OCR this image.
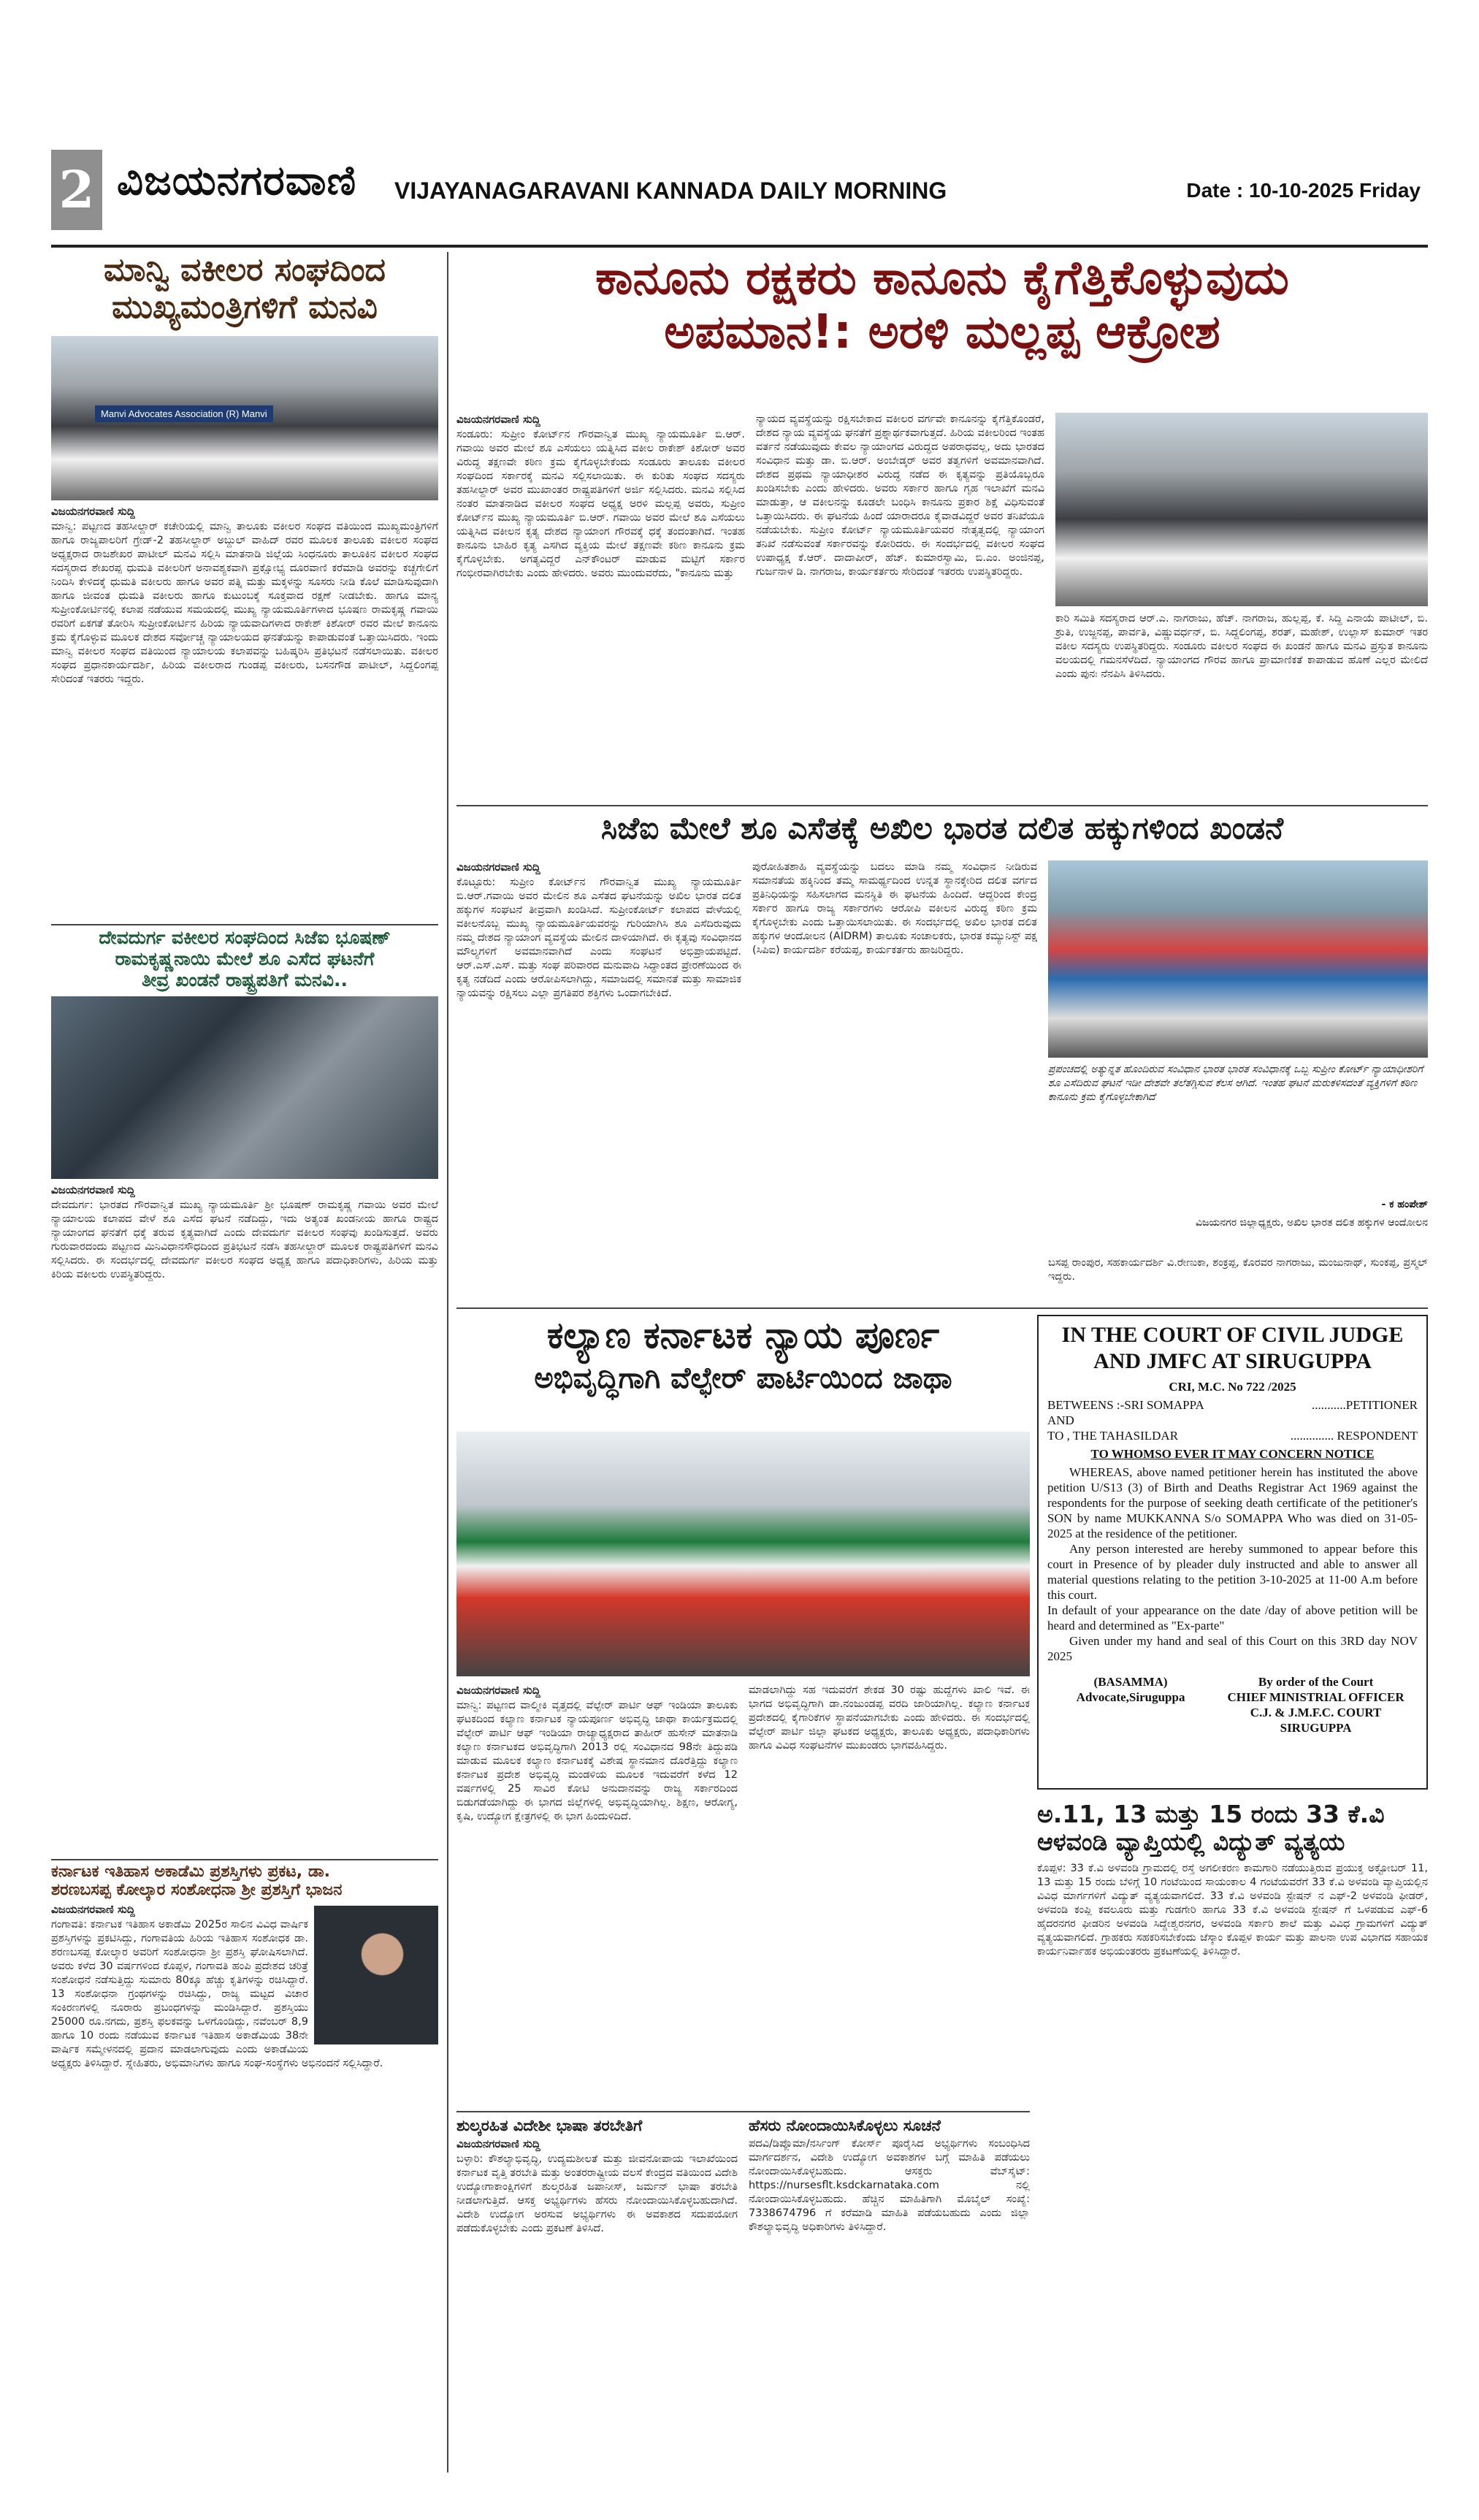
2 ವಿಜಯನಗರವಾಣಿ VIJAYANAGARAVANI KANNADA DAILY MORNING	Date : 10-10-2025 Friday
ಮಾನ್ವಿ ವಕೀಲರ ಸಂಘದಿಂದ
ಮುಖ್ಯಮಂತ್ರಿಗಳಿಗೆ ಮನವಿ
Manvi Advocates Association (R) Manvi
ವಿಜಯನಗರವಾಣಿ ಸುದ್ದಿ
ಮಾನ್ವಿ: ಪಟ್ಟಣದ ತಹಸೀಲ್ದಾರ್ ಕಚೇರಿಯಲ್ಲಿ ಮಾನ್ವಿ ತಾಲೂಕು ವಕೀಲರ ಸಂಘದ ವತಿಯಿಂದ ಮುಖ್ಯಮಂತ್ರಿಗಳಿಗೆ ಹಾಗೂ ರಾಜ್ಯಪಾಲರಿಗೆ ಗ್ರೇಡ್-2 ತಹಸೀಲ್ದಾರ್ ಅಬ್ದುಲ್ ವಾಹಿದ್ ರವರ ಮೂಲಕ ತಾಲೂಕು ವಕೀಲರ ಸಂಘದ ಅಧ್ಯಕ್ಷರಾದ ರಾಜಶೇಖರ ಪಾಟೀಲ್ ಮನವಿ ಸಲ್ಲಿಸಿ ಮಾತನಾಡಿ ಜಿಲ್ಲೆಯ ಸಿಂಧನೂರು ತಾಲೂಕಿನ ವಕೀಲರ ಸಂಘದ ಸದಸ್ಯರಾದ ಶೇಖರಪ್ಪ ಧುಮತಿ ವಕೀಲರಿಗೆ ಅನಾವಶ್ಯಕವಾಗಿ ಪ್ರಕ್ಷೋಭ್ಯ ದೂರವಾಣಿ ಕರೆಮಾಡಿ ಅವರನ್ನು ಕಚ್ಚಗೇಲಿಗೆ ನಿಂದಿಸಿ ಕೇಳಿದಕ್ಕೆ ಧುಮತಿ ವಕೀಲರು ಹಾಗೂ ಅವರ ಪತ್ನಿ ಮತ್ತು ಮಕ್ಕಳನ್ನು ಸೂಸರು ನೀಡಿ ಕೊಲೆ ಮಾಡಿಸುವುದಾಗಿ ಹಾಗೂ ಜೀವಂತ ಧುಮತಿ ವಕೀಲರು ಹಾಗೂ ಕುಟುಂಬಕ್ಕೆ ಸೂಕ್ತವಾದ ರಕ್ಷಣೆ ನೀಡಬೇಕು. ಹಾಗೂ ಮಾನ್ಯ ಸುಪ್ರೀಂಕೋರ್ಟಿನಲ್ಲಿ ಕಲಾಪ ನಡೆಯುವ ಸಮಯದಲ್ಲಿ ಮುಖ್ಯ ನ್ಯಾಯಮೂರ್ತಿಗಳಾದ ಭೂಷಣ ರಾಮಕೃಷ್ಣ ಗವಾಯಿ ರವರಿಗೆ ಏಕಗತೆ ತೋರಿಸಿ ಸುಪ್ರೀಂಕೋರ್ಟಿನ ಹಿರಿಯ ನ್ಯಾಯವಾದಿಗಳಾದ ರಾಕೇಶ್ ಕಿಶೋರ್ ರವರ ಮೇಲೆ ಕಾನೂನು ಕ್ರಮ ಕೈಗೊಳ್ಳುವ ಮೂಲಕ ದೇಶದ ಸರ್ವೋಚ್ಚ ನ್ಯಾಯಾಲಯದ ಘನತೆಯನ್ನು ಕಾಪಾಡುವಂತೆ ಒತ್ತಾಯಿಸಿದರು. ಇಂದು ಮಾನ್ವಿ ವಕೀಲರ ಸಂಘದ ವತಿಯಿಂದ ನ್ಯಾಯಾಲಯ ಕಲಾಪವನ್ನು ಬಹಿಷ್ಕರಿಸಿ ಪ್ರತಿಭಟನೆ ನಡೆಸಲಾಯಿತು. ವಕೀಲರ ಸಂಘದ ಪ್ರಧಾನಕಾರ್ಯದರ್ಶಿ, ಹಿರಿಯ ವಕೀಲರಾದ ಗುಂಡಪ್ಪ ವಕೀಲರು, ಬಸನಗೌಡ ಪಾಟೀಲ್, ಸಿದ್ದಲಿಂಗಪ್ಪ ಸೇರಿದಂತೆ ಇತರರು ಇದ್ದರು.
ದೇವದುರ್ಗ ವಕೀಲರ ಸಂಘದಿಂದ ಸಿಜೆಐ ಭೂಷಣ್
ರಾಮಕೃಷ್ಣನಾಯಿ ಮೇಲೆ ಶೂ ಎಸೆದ ಘಟನೆಗೆ
ತೀವ್ರ ಖಂಡನೆ ರಾಷ್ಟ್ರಪತಿಗೆ ಮನವಿ..
ವಿಜಯನಗರವಾಣಿ ಸುದ್ದಿ
ದೇವದುರ್ಗ: ಭಾರತದ ಗೌರವಾನ್ವಿತ ಮುಖ್ಯ ನ್ಯಾಯಮೂರ್ತಿ ಶ್ರೀ ಭೂಷಣ್ ರಾಮಕೃಷ್ಣ ಗವಾಯಿ ಅವರ ಮೇಲೆ ನ್ಯಾಯಾಲಯ ಕಲಾಪದ ವೇಳೆ ಶೂ ಎಸೆದ ಘಟನೆ ನಡೆದಿದ್ದು, ಇದು ಅತ್ಯಂತ ಖಂಡನೀಯ ಹಾಗೂ ರಾಷ್ಟ್ರದ ನ್ಯಾಯಾಂಗದ ಘನತೆಗೆ ಧಕ್ಕೆ ತರುವ ಕೃತ್ಯವಾಗಿದೆ ಎಂದು ದೇವದುರ್ಗ ವಕೀಲರ ಸಂಘವು ಖಂಡಿಸುತ್ತದೆ. ಅವರು ಗುರುವಾರದಂದು ಪಟ್ಟಣದ ಮಿನಿವಿಧಾನಸೌಧದಿಂದ ಪ್ರತಿಭಟನೆ ನಡೆಸಿ ತಹಸೀಲ್ದಾರ್ ಮೂಲಕ ರಾಷ್ಟ್ರಪತಿಗಳಿಗೆ ಮನವಿ ಸಲ್ಲಿಸಿದರು. ಈ ಸಂದರ್ಭದಲ್ಲಿ ದೇವದುರ್ಗ ವಕೀಲರ ಸಂಘದ ಅಧ್ಯಕ್ಷ ಹಾಗೂ ಪದಾಧಿಕಾರಿಗಳು, ಹಿರಿಯ ಮತ್ತು ಕಿರಿಯ ವಕೀಲರು ಉಪಸ್ಥಿತರಿದ್ದರು.
ಕರ್ನಾಟಕ ಇತಿಹಾಸ ಅಕಾಡೆಮಿ ಪ್ರಶಸ್ತಿಗಳು ಪ್ರಕಟ, ಡಾ.
ಶರಣಬಸಪ್ಪ ಕೋಲ್ಕಾರ ಸಂಶೋಧನಾ ಶ್ರೀ ಪ್ರಶಸ್ತಿಗೆ ಭಾಜನ
ವಿಜಯನಗರವಾಣಿ ಸುದ್ದಿ
ಗಂಗಾವತಿ: ಕರ್ನಾಟಕ ಇತಿಹಾಸ ಅಕಾಡೆಮಿ 2025ರ ಸಾಲಿನ ವಿವಿಧ ವಾರ್ಷಿಕ ಪ್ರಶಸ್ತಿಗಳನ್ನು ಪ್ರಕಟಿಸಿದ್ದು, ಗಂಗಾವತಿಯ ಹಿರಿಯ ಇತಿಹಾಸ ಸಂಶೋಧಕ ಡಾ. ಶರಣಬಸಪ್ಪ ಕೋಲ್ಕಾರ ಅವರಿಗೆ ಸಂಶೋಧನಾ ಶ್ರೀ ಪ್ರಶಸ್ತಿ ಘೋಷಿಸಲಾಗಿದೆ. ಅವರು ಕಳೆದ 30 ವರ್ಷಗಳಿಂದ ಕೊಪ್ಪಳ, ಗಂಗಾವತಿ ಹಂಪಿ ಪ್ರದೇಶದ ಚರಿತ್ರೆ ಸಂಶೋಧನೆ ನಡೆಸುತ್ತಿದ್ದು ಸುಮಾರು 80ಕ್ಕೂ ಹೆಚ್ಚು ಕೃತಿಗಳನ್ನು ರಚಿಸಿದ್ದಾರೆ. 13 ಸಂಶೋಧನಾ ಗ್ರಂಥಗಳನ್ನು ರಚಿಸಿದ್ದು, ರಾಜ್ಯ ಮಟ್ಟದ ವಿಚಾರ ಸಂಕಿರಣಗಳಲ್ಲಿ ನೂರಾರು ಪ್ರಬಂಧಗಳನ್ನು ಮಂಡಿಸಿದ್ದಾರೆ. ಪ್ರಶಸ್ತಿಯು 25000 ರೂ.ನಗದು, ಪ್ರಶಸ್ತಿ ಫಲಕವನ್ನು ಒಳಗೊಂಡಿದ್ದು, ನವೆಂಬರ್ 8,9 ಹಾಗೂ 10 ರಂದು ನಡೆಯುವ ಕರ್ನಾಟಕ ಇತಿಹಾಸ ಅಕಾಡೆಮಿಯ 38ನೇ ವಾರ್ಷಿಕ ಸಮ್ಮೇಳನದಲ್ಲಿ ಪ್ರದಾನ ಮಾಡಲಾಗುವುದು ಎಂದು ಅಕಾಡೆಮಿಯ ಅಧ್ಯಕ್ಷರು ತಿಳಿಸಿದ್ದಾರೆ. ಸ್ನೇಹಿತರು, ಅಭಿಮಾನಿಗಳು ಹಾಗೂ ಸಂಘ-ಸಂಸ್ಥೆಗಳು ಅಭಿನಂದನೆ ಸಲ್ಲಿಸಿದ್ದಾರೆ.
ಕಾನೂನು ರಕ್ಷಕರು ಕಾನೂನು ಕೈಗೆತ್ತಿಕೊಳ್ಳುವುದು
ಅಪಮಾನ!: ಅರಳಿ ಮಲ್ಲಪ್ಪ ಆಕ್ರೋಶ
ವಿಜಯನಗರವಾಣಿ ಸುದ್ದಿ
ಸಂಡೂರು: ಸುಪ್ರೀಂ ಕೋರ್ಟ್‌ನ ಗೌರವಾನ್ವಿತ ಮುಖ್ಯ ನ್ಯಾಯಮೂರ್ತಿ ಬಿ.ಆರ್. ಗವಾಯಿ ಅವರ ಮೇಲೆ ಶೂ ಎಸೆಯಲು ಯತ್ನಿಸಿದ ವಕೀಲ ರಾಕೇಶ್ ಕಿಶೋರ್ ಅವರ ವಿರುದ್ಧ ತಕ್ಷಣವೇ ಕಠಿಣ ಕ್ರಮ ಕೈಗೊಳ್ಳಬೇಕೆಂದು ಸಂಡೂರು ತಾಲೂಕು ವಕೀಲರ ಸಂಘದಿಂದ ಸರ್ಕಾರಕ್ಕೆ ಮನವಿ ಸಲ್ಲಿಸಲಾಯಿತು. ಈ ಕುರಿತು ಸಂಘದ ಸದಸ್ಯರು ತಹಸೀಲ್ದಾರ್ ಅವರ ಮುಖಾಂತರ ರಾಷ್ಟ್ರಪತಿಗಳಿಗೆ ಅರ್ಜಿ ಸಲ್ಲಿಸಿದರು. ಮನವಿ ಸಲ್ಲಿಸಿದ ನಂತರ ಮಾತನಾಡಿದ ವಕೀಲರ ಸಂಘದ ಅಧ್ಯಕ್ಷ ಅರಳಿ ಮಲ್ಲಪ್ಪ ಅವರು, ಸುಪ್ರೀಂ ಕೋರ್ಟ್‌ನ ಮುಖ್ಯ ನ್ಯಾಯಮೂರ್ತಿ ಬಿ.ಆರ್. ಗವಾಯಿ ಅವರ ಮೇಲೆ ಶೂ ಎಸೆಯಲು ಯತ್ನಿಸಿದ ವಕೀಲನ ಕೃತ್ಯ ದೇಶದ ನ್ಯಾಯಾಂಗ ಗೌರವಕ್ಕೆ ಧಕ್ಕೆ ತಂದಂತಾಗಿದೆ. ಇಂತಹ ಕಾನೂನು ಬಾಹಿರ ಕೃತ್ಯ ಎಸಗಿದ ವ್ಯಕ್ತಿಯ ಮೇಲೆ ತಕ್ಷಣವೇ ಕಠಿಣ ಕಾನೂನು ಕ್ರಮ ಕೈಗೊಳ್ಳಬೇಕು. ಅಗತ್ಯವಿದ್ದರೆ ಎನ್‌ಕೌಂಟರ್ ಮಾಡುವ ಮಟ್ಟಿಗೆ ಸರ್ಕಾರ ಗಂಭೀರವಾಗಿರಬೇಕು ಎಂದು ಹೇಳಿದರು. ಅವರು ಮುಂದುವರೆದು, "ಕಾನೂನು ಮತ್ತು
ನ್ಯಾಯದ ವ್ಯವಸ್ಥೆಯನ್ನು ರಕ್ಷಿಸಬೇಕಾದ ವಕೀಲರ ವರ್ಗವೇ ಕಾನೂನನ್ನು ಕೈಗೆತ್ತಿಕೊಂಡರೆ, ದೇಶದ ನ್ಯಾಯ ವ್ಯವಸ್ಥೆಯ ಘನತೆಗೆ ಪ್ರಶ್ನಾರ್ಥಕವಾಗುತ್ತದೆ. ಹಿರಿಯ ವಕೀಲರಿಂದ ಇಂತಹ ವರ್ತನೆ ನಡೆಯುವುದು ಕೇವಲ ನ್ಯಾಯಾಂಗದ ವಿರುದ್ಧದ ಅಪರಾಧವಲ್ಲ, ಅದು ಭಾರತದ ಸಂವಿಧಾನ ಮತ್ತು ಡಾ. ಬಿ.ಆರ್. ಅಂಬೇಡ್ಕರ್ ಅವರ ತತ್ವಗಳಿಗೆ ಅವಮಾನವಾಗಿದೆ. ದೇಶದ ಪ್ರಥಮ ನ್ಯಾಯಾಧೀಶರ ವಿರುದ್ಧ ನಡೆದ ಈ ಕೃತ್ಯವನ್ನು ಪ್ರತಿಯೊಬ್ಬರೂ ಖಂಡಿಸಬೇಕು ಎಂದು ಹೇಳಿದರು. ಅವರು ಸರ್ಕಾರ ಹಾಗೂ ಗೃಹ ಇಲಾಖೆಗೆ ಮನವಿ ಮಾಡುತ್ತಾ, ಆ ವಕೀಲನನ್ನು ಕೂಡಲೇ ಬಂಧಿಸಿ ಕಾನೂನು ಪ್ರಕಾರ ಶಿಕ್ಷೆ ವಿಧಿಸುವಂತೆ ಒತ್ತಾಯಿಸಿದರು. ಈ ಘಟನೆಯ ಹಿಂದೆ ಯಾರಾದರೂ ಕೈವಾಡವಿದ್ದರೆ ಅವರ ತನಿಖೆಯೂ ನಡೆಯಬೇಕು. ಸುಪ್ರೀಂ ಕೋರ್ಟ್ ನ್ಯಾಯಮೂರ್ತಿಯವರ ನೇತೃತ್ವದಲ್ಲಿ ನ್ಯಾಯಾಂಗ ತನಿಖೆ ನಡೆಸುವಂತೆ ಸರ್ಕಾರವನ್ನು ಕೋರಿದರು. ಈ ಸಂದರ್ಭದಲ್ಲಿ ವಕೀಲರ ಸಂಘದ ಉಪಾಧ್ಯಕ್ಷ ಕೆ.ಆರ್. ದಾದಾಪೀರ್, ಹೆಚ್. ಕುಮಾರಸ್ವಾಮಿ, ಬಿ.ಎಂ. ಅಂಜಿನಪ್ಪ, ಗುರ್ಜನಾಳ ಡಿ. ನಾಗರಾಜ, ಕಾರ್ಯಕರ್ತರು ಸೇರಿದಂತೆ ಇತರರು ಉಪಸ್ಥಿತರಿದ್ದರು.
ಕಾರಿ ಸಮಿತಿ ಸದಸ್ಯರಾದ ಆರ್.ಎ. ನಾಗರಾಜು, ಹೆಚ್. ನಾಗರಾಜ, ಹುಲ್ಲಪ್ಪ, ಕೆ. ಸಿದ್ದಿ ಎನಾಯೆ ಪಾಟೀಲ್, ಬಿ. ಶ್ರುತಿ, ಉಜ್ಜನಪ್ಪ, ಪಾರ್ವತಿ, ವಿಷ್ಣುವರ್ಧನ್, ಬಿ. ಸಿದ್ದಲಿಂಗಪ್ಪ, ಶರತ್‌, ಮಹೇಶ್, ಉಲ್ಲಾಸ್ ಕುಮಾರ್ ಇತರ ವಕೀಲ ಸದಸ್ಯರು ಉಪಸ್ಥಿತರಿದ್ದರು. ಸಂಡೂರು ವಕೀಲರ ಸಂಘದ ಈ ಖಂಡನೆ ಹಾಗೂ ಮನವಿ ಪ್ರಸ್ತುತ ಕಾನೂನು ವಲಯದಲ್ಲಿ ಗಮನಸೆಳೆದಿದೆ. ನ್ಯಾಯಾಂಗದ ಗೌರವ ಹಾಗೂ ಪ್ರಾಮಾಣಿಕತೆ ಕಾಪಾಡುವ ಹೊಣೆ ಎಲ್ಲರ ಮೇಲಿದೆ ಎಂದು ಪುನಃ ನೆನಪಿಸಿ ತಿಳಿಸಿದರು.
ಸಿಜೆಐ ಮೇಲೆ ಶೂ ಎಸೆತಕ್ಕೆ ಅಖಿಲ ಭಾರತ ದಲಿತ ಹಕ್ಕುಗಳಿಂದ ಖಂಡನೆ
ವಿಜಯನಗರವಾಣಿ ಸುದ್ದಿ
ಕೊಟ್ಟೂರು: ಸುಪ್ರೀಂ ಕೋರ್ಟ್‌ನ ಗೌರವಾನ್ವಿತ ಮುಖ್ಯ ನ್ಯಾಯಮೂರ್ತಿ ಬಿ.ಆರ್.ಗವಾಯಿ ಅವರ ಮೇಲಿನ ಶೂ ಎಸೆತದ ಘಟನೆಯನ್ನು ಅಖಿಲ ಭಾರತ ದಲಿತ ಹಕ್ಕುಗಳ ಸಂಘಟನೆ ತೀವ್ರವಾಗಿ ಖಂಡಿಸಿದೆ. ಸುಪ್ರೀಂಕೋರ್ಟ್ ಕಲಾಪದ ವೇಳೆಯಲ್ಲಿ ವಕೀಲನೊಬ್ಬ ಮುಖ್ಯ ನ್ಯಾಯಮೂರ್ತಿಯವರನ್ನು ಗುರಿಯಾಗಿಸಿ ಶೂ ಎಸೆದಿರುವುದು ನಮ್ಮ ದೇಶದ ನ್ಯಾಯಾಂಗ ವ್ಯವಸ್ಥೆಯ ಮೇಲಿನ ದಾಳಿಯಾಗಿದೆ. ಈ ಕೃತ್ಯವು ಸಂವಿಧಾನದ ಮೌಲ್ಯಗಳಿಗೆ ಅವಮಾನವಾಗಿದೆ ಎಂದು ಸಂಘಟನೆ ಅಭಿಪ್ರಾಯಪಟ್ಟಿದೆ. ಆರ್.ಎಸ್.ಎಸ್. ಮತ್ತು ಸಂಘ ಪರಿವಾರದ ಮನುವಾದಿ ಸಿದ್ಧಾಂತದ ಪ್ರೇರಣೆಯಿಂದ ಈ ಕೃತ್ಯ ನಡೆದಿದೆ ಎಂದು ಆರೋಪಿಸಲಾಗಿದ್ದು, ಸಮಾಜದಲ್ಲಿ ಸಮಾನತೆ ಮತ್ತು ಸಾಮಾಜಿಕ ನ್ಯಾಯವನ್ನು ರಕ್ಷಿಸಲು ಎಲ್ಲಾ ಪ್ರಗತಿಪರ ಶಕ್ತಿಗಳು ಒಂದಾಗಬೇಕಿದೆ.
ಪುರೋಹಿತಶಾಹಿ ವ್ಯವಸ್ಥೆಯನ್ನು ಬದಲು ಮಾಡಿ ನಮ್ಮ ಸಂವಿಧಾನ ನೀಡಿರುವ ಸಮಾನತೆಯ ಹಕ್ಕಿನಿಂದ ತಮ್ಮ ಸಾಮರ್ಥ್ಯದಿಂದ ಉನ್ನತ ಸ್ಥಾನಕ್ಕೇರಿದ ದಲಿತ ವರ್ಗದ ಪ್ರತಿನಿಧಿಯನ್ನು ಸಹಿಸಲಾಗದ ಮನಸ್ಥಿತಿ ಈ ಘಟನೆಯ ಹಿಂದಿದೆ. ಆದ್ದರಿಂದ ಕೇಂದ್ರ ಸರ್ಕಾರ ಹಾಗೂ ರಾಜ್ಯ ಸರ್ಕಾರಗಳು ಆರೋಪಿ ವಕೀಲನ ವಿರುದ್ಧ ಕಠಿಣ ಕ್ರಮ ಕೈಗೊಳ್ಳಬೇಕು ಎಂದು ಒತ್ತಾಯಿಸಲಾಯಿತು. ಈ ಸಂದರ್ಭದಲ್ಲಿ ಅಖಿಲ ಭಾರತ ದಲಿತ ಹಕ್ಕುಗಳ ಆಂದೋಲನ (AIDRM) ತಾಲೂಕು ಸಂಚಾಲಕರು, ಭಾರತ ಕಮ್ಯುನಿಸ್ಟ್ ಪಕ್ಷ (ಸಿಪಿಐ) ಕಾರ್ಯದರ್ಶಿ ಕರೆಯಪ್ಪ, ಕಾರ್ಯಕರ್ತರು ಹಾಜರಿದ್ದರು.
ಪ್ರಪಂಚದಲ್ಲಿ ಅತ್ಯುನ್ನತ ಹೊಂದಿರುವ ಸಂವಿಧಾನ ಭಾರತ ಭಾರತ ಸಂವಿಧಾನಕ್ಕೆ ಒಬ್ಬ ಸುಪ್ರೀಂ ಕೋರ್ಟ್ ನ್ಯಾಯಾಧೀಶರಿಗೆ ಶೂ ಎಸೆದಿರುವ ಘಟನೆ ಇಡೀ ದೇಶವೇ ತಲೆತಗ್ಗಿಸುವ ಕೆಲಸ ಆಗಿದೆ. ಇಂತಹ ಘಟನೆ ಮರುಕಳಿಸದಂತೆ ವ್ಯಕ್ತಿಗಳಿಗೆ ಕಠಿಣ ಕಾನೂನು ಕ್ರಮ ಕೈಗೊಳ್ಳಬೇಕಾಗಿದೆ
- ಕ ಹಂಪೇಶ್
ವಿಜಯನಗರ ಜಿಲ್ಲಾಧ್ಯಕ್ಷರು, ಅಖಿಲ ಭಾರತ ದಲಿತ ಹಕ್ಕುಗಳ ಆಂದೋಲನ
ಬಸಪ್ಪ ರಾಂಪುರ, ಸಹಕಾರ್ಯದರ್ಶಿ ವಿ.ರೇಣುಕಾ, ಶಂಕ್ರಪ್ಪ, ಕೊರವರ ನಾಗರಾಜು, ಮಂಜುನಾಥ್, ಸುಂಕಪ್ಪ, ಪ್ರಸ್ಮಲ್ ಇದ್ದರು.
ಕಲ್ಯಾಣ ಕರ್ನಾಟಕ ನ್ಯಾಯ ಪೂರ್ಣ
ಅಭಿವೃದ್ಧಿಗಾಗಿ ವೆಲ್ಫೇರ್ ಪಾರ್ಟಿಯಿಂದ ಜಾಥಾ
ವಿಜಯನಗರವಾಣಿ ಸುದ್ದಿ
ಮಾನ್ವಿ: ಪಟ್ಟಣದ ವಾಲ್ಮೀಕಿ ವೃತ್ತದಲ್ಲಿ ವೆಲ್ಫೇರ್ ಪಾರ್ಟಿ ಆಫ್ ಇಂಡಿಯಾ ತಾಲೂಕು ಘಟಕದಿಂದ ಕಲ್ಯಾಣ ಕರ್ನಾಟಕ ನ್ಯಾಯಪೂರ್ಣ ಅಭಿವೃದ್ಧಿ ಜಾಥಾ ಕಾರ್ಯಕ್ರಮದಲ್ಲಿ ವೆಲ್ಫೇರ್ ಪಾರ್ಟಿ ಆಫ್ ಇಂಡಿಯಾ ರಾಜ್ಯಾಧ್ಯಕ್ಷರಾದ ತಾಹೀರ್ ಹುಸೇನ್ ಮಾತನಾಡಿ ಕಲ್ಯಾಣ ಕರ್ನಾಟಕದ ಅಭಿವೃದ್ಧಿಗಾಗಿ 2013 ರಲ್ಲಿ ಸಂವಿಧಾನದ 98ನೇ ತಿದ್ದುಪಡಿ ಮಾಡುವ ಮೂಲಕ ಕಲ್ಯಾಣ ಕರ್ನಾಟಕಕ್ಕೆ ವಿಶೇಷ ಸ್ಥಾನಮಾನ ದೊರೆತ್ತಿದ್ದು ಕಲ್ಯಾಣ ಕರ್ನಾಟಕ ಪ್ರದೇಶ ಅಭಿವೃದ್ಧಿ ಮಂಡಳಿಯ ಮೂಲಕ ಇದುವರೆಗೆ ಕಳೆದ 12 ವರ್ಷಗಳಲ್ಲಿ 25 ಸಾವಿರ ಕೋಟಿ ಅನುದಾನವನ್ನು ರಾಜ್ಯ ಸರ್ಕಾರದಿಂದ ಬಿಡುಗಡೆಯಾಗಿದ್ದು ಈ ಭಾಗದ ಜಿಲ್ಲೆಗಳಲ್ಲಿ ಅಭಿವೃದ್ಧಿಯಾಗಿಲ್ಲ. ಶಿಕ್ಷಣ, ಆರೋಗ್ಯ, ಕೃಷಿ, ಉದ್ಯೋಗ ಕ್ಷೇತ್ರಗಳಲ್ಲಿ ಈ ಭಾಗ ಹಿಂದುಳಿದಿದೆ.
ಮಾಡಲಾಗಿದ್ದು ಸಹ ಇದುವರೆಗೆ ಶೇಕಡ 30 ರಷ್ಟು ಹುದ್ದೆಗಳು ಖಾಲಿ ಇವೆ. ಈ ಭಾಗದ ಅಭಿವೃದ್ಧಿಗಾಗಿ ಡಾ.ನಂಜುಂಡಪ್ಪ ವರದಿ ಜಾರಿಯಾಗಿಲ್ಲ. ಕಲ್ಯಾಣ ಕರ್ನಾಟಕ ಪ್ರದೇಶದಲ್ಲಿ ಕೈಗಾರಿಕೆಗಳ ಸ್ಥಾಪನೆಯಾಗಬೇಕು ಎಂದು ಹೇಳಿದರು. ಈ ಸಂದರ್ಭದಲ್ಲಿ ವೆಲ್ಫೇರ್ ಪಾರ್ಟಿ ಜಿಲ್ಲಾ ಘಟಕದ ಅಧ್ಯಕ್ಷರು, ತಾಲೂಕು ಅಧ್ಯಕ್ಷರು, ಪದಾಧಿಕಾರಿಗಳು ಹಾಗೂ ವಿವಿಧ ಸಂಘಟನೆಗಳ ಮುಖಂಡರು ಭಾಗವಹಿಸಿದ್ದರು.
IN THE COURT OF CIVIL JUDGE
AND JMFC AT SIRUGUPPA
CRI, M.C. No 722 /2025
BETWEENS :-SRI SOMAPPA	...........PETITIONER
AND
TO , THE TAHASILDAR	.............. RESPONDENT
TO WHOMSO EVER IT MAY CONCERN NOTICE
WHEREAS, above named petitioner herein has instituted the above petition U/S13 (3) of Birth and Deaths Registrar Act 1969 against the respondents for the purpose of seeking death certificate of the petitioner's SON by name MUKKANNA S/o SOMAPPA Who was died on 31-05-2025 at the residence of the petitioner.
Any person interested are hereby summoned to appear before this court in Presence of by pleader duly instructed and able to answer all material questions relating to the petition 3-10-2025 at 11-00 A.m before this court.
In default of your appearance on the date /day of above petition will be heard and determined as "Ex-parte"
Given under my hand and seal of this Court on this 3RD day NOV 2025
(BASAMMA)
Advocate,Siruguppa
By order of the Court
CHIEF MINISTRIAL OFFICER
C.J. & J.M.F.C. COURT
SIRUGUPPA
ಅ.11, 13 ಮತ್ತು 15 ರಂದು 33 ಕೆ.ವಿ
ಆಳವಂಡಿ ವ್ಯಾಪ್ತಿಯಲ್ಲಿ ವಿದ್ಯುತ್ ವ್ಯತ್ಯಯ
ಕೊಪ್ಪಳ: 33 ಕೆ.ವಿ ಅಳವಂಡಿ ಗ್ರಾಮದಲ್ಲಿ ರಸ್ತೆ ಅಗಲೀಕರಣ ಕಾಮಗಾರಿ ನಡೆಯುತ್ತಿರುವ ಪ್ರಯುಕ್ತ ಅಕ್ಟೋಬರ್ 11, 13 ಮತ್ತು 15 ರಂದು ಬೆಳಿಗ್ಗೆ 10 ಗಂಟೆಯಿಂದ ಸಾಯಂಕಾಲ 4 ಗಂಟೆಯವರೆಗೆ 33 ಕೆ.ವಿ ಅಳವಂಡಿ ವ್ಯಾಪ್ತಿಯಲ್ಲಿನ ವಿವಿಧ ಮಾರ್ಗಗಳಿಗೆ ವಿದ್ಯುತ್ ವ್ಯತ್ಯಯವಾಗಲಿದೆ. 33 ಕೆ.ವಿ ಅಳವಂಡಿ ಸ್ಟೇಷನ್ ನ ಎಫ್-2 ಅಳವಂಡಿ ಫೀಡರ್, ಅಳವಂಡಿ ಕಂಪ್ಲಿ ಕವಲೂರು ಮತ್ತು ಗುಡಗೇರಿ ಹಾಗೂ 33 ಕೆ.ವಿ ಅಳವಂಡಿ ಸ್ಟೇಷನ್ ಗೆ ಒಳಪಡುವ ಎಫ್-6 ಹೈದರನಗರ ಫೀಡರಿನ ಅಳವಂಡಿ ಸಿದ್ದೇಶ್ವರನಗರ, ಅಳವಂಡಿ ಸರ್ಕಾರಿ ಶಾಲೆ ಮತ್ತು ವಿವಿಧ ಗ್ರಾಮಗಳಿಗೆ ವಿದ್ಯುತ್ ವ್ಯತ್ಯಯವಾಗಲಿದೆ. ಗ್ರಾಹಕರು ಸಹಕರಿಸಬೇಕೆಂದು ಜೆಸ್ಕಾಂ ಕೊಪ್ಪಳ ಕಾರ್ಯ ಮತ್ತು ಪಾಲನಾ ಉಪ ವಿಭಾಗದ ಸಹಾಯಕ ಕಾರ್ಯನಿರ್ವಾಹಕ ಅಭಿಯಂತರರು ಪ್ರಕಟಣೆಯಲ್ಲಿ ತಿಳಿಸಿದ್ದಾರೆ.
ಶುಲ್ಕರಹಿತ ವಿದೇಶೀ ಭಾಷಾ ತರಬೇತಿಗೆ
ವಿಜಯನಗರವಾಣಿ ಸುದ್ದಿ
ಬಳ್ಳಾರಿ: ಕೌಶಲ್ಯಾಭಿವೃದ್ಧಿ, ಉದ್ಯಮಶೀಲತೆ ಮತ್ತು ಜೀವನೋಪಾಯ ಇಲಾಖೆಯಿಂದ ಕರ್ನಾಟಕ ವೃತ್ತಿ ತರಬೇತಿ ಮತ್ತು ಅಂತರರಾಷ್ಟ್ರೀಯ ವಲಸೆ ಕೇಂದ್ರದ ವತಿಯಿಂದ ವಿದೇಶಿ ಉದ್ಯೋಗಾಕಾಂಕ್ಷಿಗಳಿಗೆ ಶುಲ್ಕರಹಿತ ಜಪಾನೀಸ್, ಜರ್ಮನ್ ಭಾಷಾ ತರಬೇತಿ ನೀಡಲಾಗುತ್ತಿದೆ. ಆಸಕ್ತ ಅಭ್ಯರ್ಥಿಗಳು ಹೆಸರು ನೋಂದಾಯಿಸಿಕೊಳ್ಳಬಹುದಾಗಿದೆ. ವಿದೇಶಿ ಉದ್ಯೋಗ ಅರಸುವ ಅಭ್ಯರ್ಥಿಗಳು ಈ ಅವಕಾಶದ ಸದುಪಯೋಗ ಪಡೆದುಕೊಳ್ಳಬೇಕು ಎಂದು ಪ್ರಕಟಣೆ ತಿಳಿಸಿದೆ.
ಹೆಸರು ನೋಂದಾಯಿಸಿಕೊಳ್ಳಲು ಸೂಚನೆ
ಪದವಿ/ಡಿಪ್ಲೊಮಾ/ನರ್ಸಿಂಗ್ ಕೋರ್ಸ್ ಪೂರೈಸಿದ ಅಭ್ಯರ್ಥಿಗಳು ಸಂಬಂಧಿಸಿದ ಮಾರ್ಗದರ್ಶನ, ವಿದೇಶಿ ಉದ್ಯೋಗ ಅವಕಾಶಗಳ ಬಗ್ಗೆ ಮಾಹಿತಿ ಪಡೆಯಲು ನೋಂದಾಯಿಸಿಕೊಳ್ಳಬಹುದು. ಆಸಕ್ತರು ವೆಬ್‌ಸೈಟ್: https://nursesflt.ksdckarnataka.com ನಲ್ಲಿ ನೋಂದಾಯಿಸಿಕೊಳ್ಳಬಹುದು. ಹೆಚ್ಚಿನ ಮಾಹಿತಿಗಾಗಿ ಮೊಬೈಲ್ ಸಂಖ್ಯೆ: 7338674796 ಗೆ ಕರೆಮಾಡಿ ಮಾಹಿತಿ ಪಡೆಯಬಹುದು ಎಂದು ಜಿಲ್ಲಾ ಕೌಶಲ್ಯಾಭಿವೃದ್ಧಿ ಅಧಿಕಾರಿಗಳು ತಿಳಿಸಿದ್ದಾರೆ.
